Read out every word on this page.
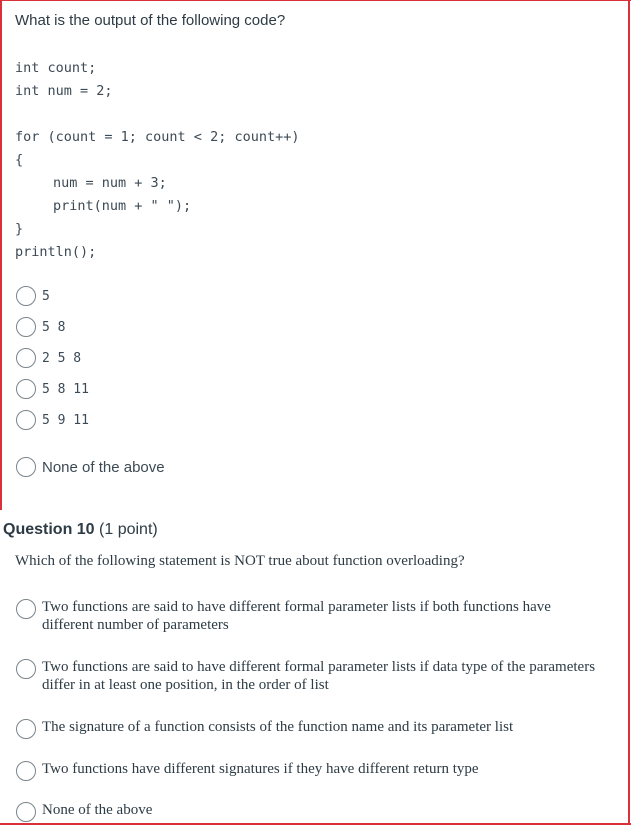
What is the output of the following code?
int count;
int num = 2;
for (count = 1; count < 2; count++)
{
num = num + 3;
print(num + " ");
}
println();
5
5 8
2 5 8
5 8 11
5 9 11
None of the above
Question 10 (1 point)
Which of the following statement is NOT true about function overloading?
Two functions are said to have different formal parameter lists if both functions have different number of parameters
Two functions are said to have different formal parameter lists if data type of the parameters differ in at least one position, in the order of list
The signature of a function consists of the function name and its parameter list
Two functions have different signatures if they have different return type
None of the above
